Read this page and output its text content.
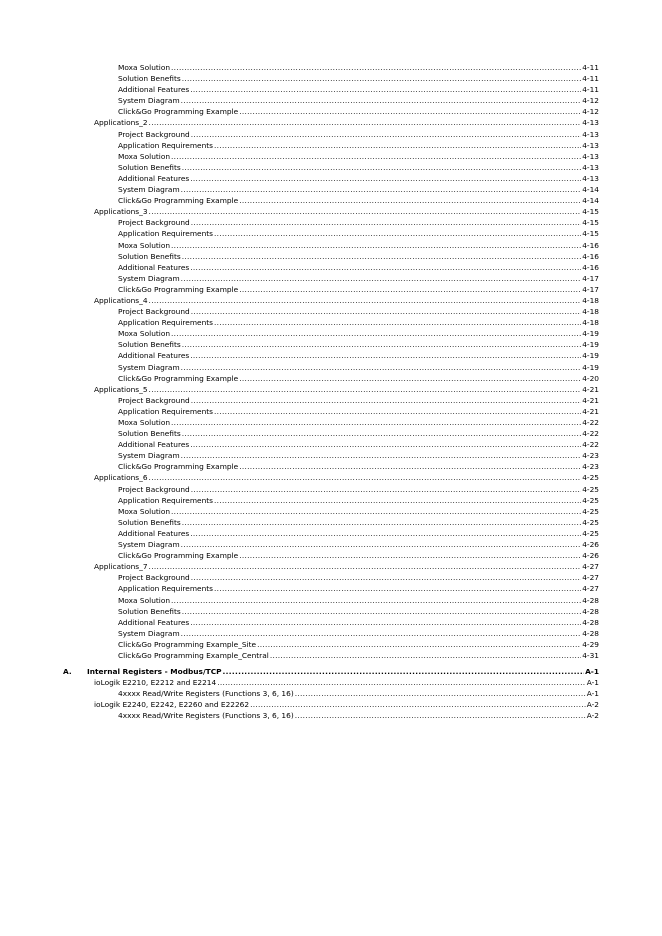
Moxa Solution .....	4-11
Solution Benefits .....	4-11
Additional Features .....	4-11
System Diagram .....	4-12
Click&Go Programming Example .....	4-12
Applications_2 .....	4-13
Project Background .....	4-13
Application Requirements .....	4-13
Moxa Solution .....	4-13
Solution Benefits .....	4-13
Additional Features .....	4-13
System Diagram .....	4-14
Click&Go Programming Example .....	4-14
Applications_3 .....	4-15
Project Background .....	4-15
Application Requirements .....	4-15
Moxa Solution .....	4-16
Solution Benefits .....	4-16
Additional Features .....	4-16
System Diagram .....	4-17
Click&Go Programming Example .....	4-17
Applications_4 .....	4-18
Project Background .....	4-18
Application Requirements .....	4-18
Moxa Solution .....	4-19
Solution Benefits .....	4-19
Additional Features .....	4-19
System Diagram .....	4-19
Click&Go Programming Example .....	4-20
Applications_5 .....	4-21
Project Background .....	4-21
Application Requirements .....	4-21
Moxa Solution .....	4-22
Solution Benefits .....	4-22
Additional Features .....	4-22
System Diagram .....	4-23
Click&Go Programming Example .....	4-23
Applications_6 .....	4-25
Project Background .....	4-25
Application Requirements .....	4-25
Moxa Solution .....	4-25
Solution Benefits .....	4-25
Additional Features .....	4-25
System Diagram .....	4-26
Click&Go Programming Example .....	4-26
Applications_7 .....	4-27
Project Background .....	4-27
Application Requirements .....	4-27
Moxa Solution .....	4-28
Solution Benefits .....	4-28
Additional Features .....	4-28
System Diagram .....	4-28
Click&Go Programming Example_Site .....	4-29
Click&Go Programming Example_Central .....	4-31
A. Internal Registers - Modbus/TCP .....	A-1
ioLogik E2210, E2212 and E2214 .....	A-1
4xxxx Read/Write Registers (Functions 3, 6, 16) .....	A-1
ioLogik E2240, E2242, E2260 and E22262 .....	A-2
4xxxx Read/Write Registers (Functions 3, 6, 16) .....	A-2
